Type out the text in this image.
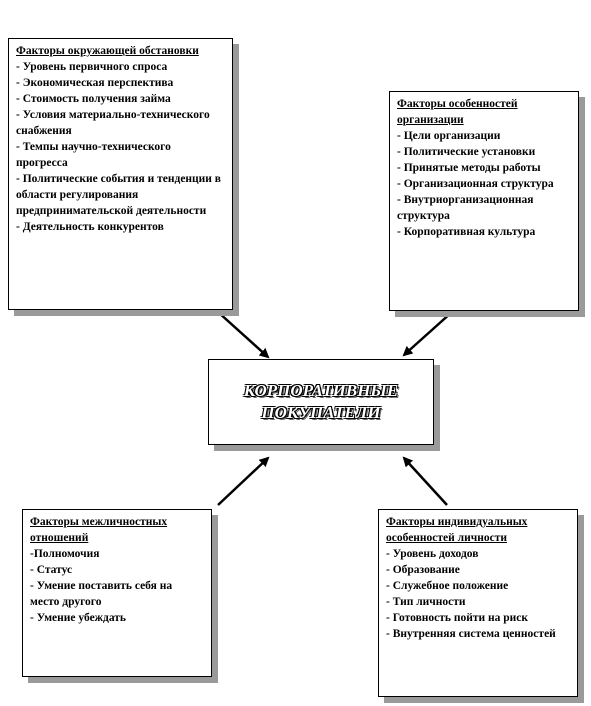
Факторы окружающей обстановки
- Уровень первичного спроса
- Экономическая перспектива
- Стоимость получения займа
- Условия материально-технического снабжения
- Темпы научно-технического прогресса
- Политические события и тенденции в области регулирования предпринимательской деятельности
- Деятельность конкурентов
Факторы особенностей организации
- Цели организации
- Политические установки
- Принятые методы работы
- Организационная структура
- Внутриорганизационная структура
- Корпоративная культура
КОРПОРАТИВНЫЕ
ПОКУПАТЕЛИ
Факторы межличностных отношений
-Полномочия
- Статус
- Умение поставить себя на место другого
- Умение убеждать
Факторы индивидуальных особенностей личности
- Уровень доходов
- Образование
- Служебное положение
- Тип личности
- Готовность пойти на риск
- Внутренняя система ценностей
